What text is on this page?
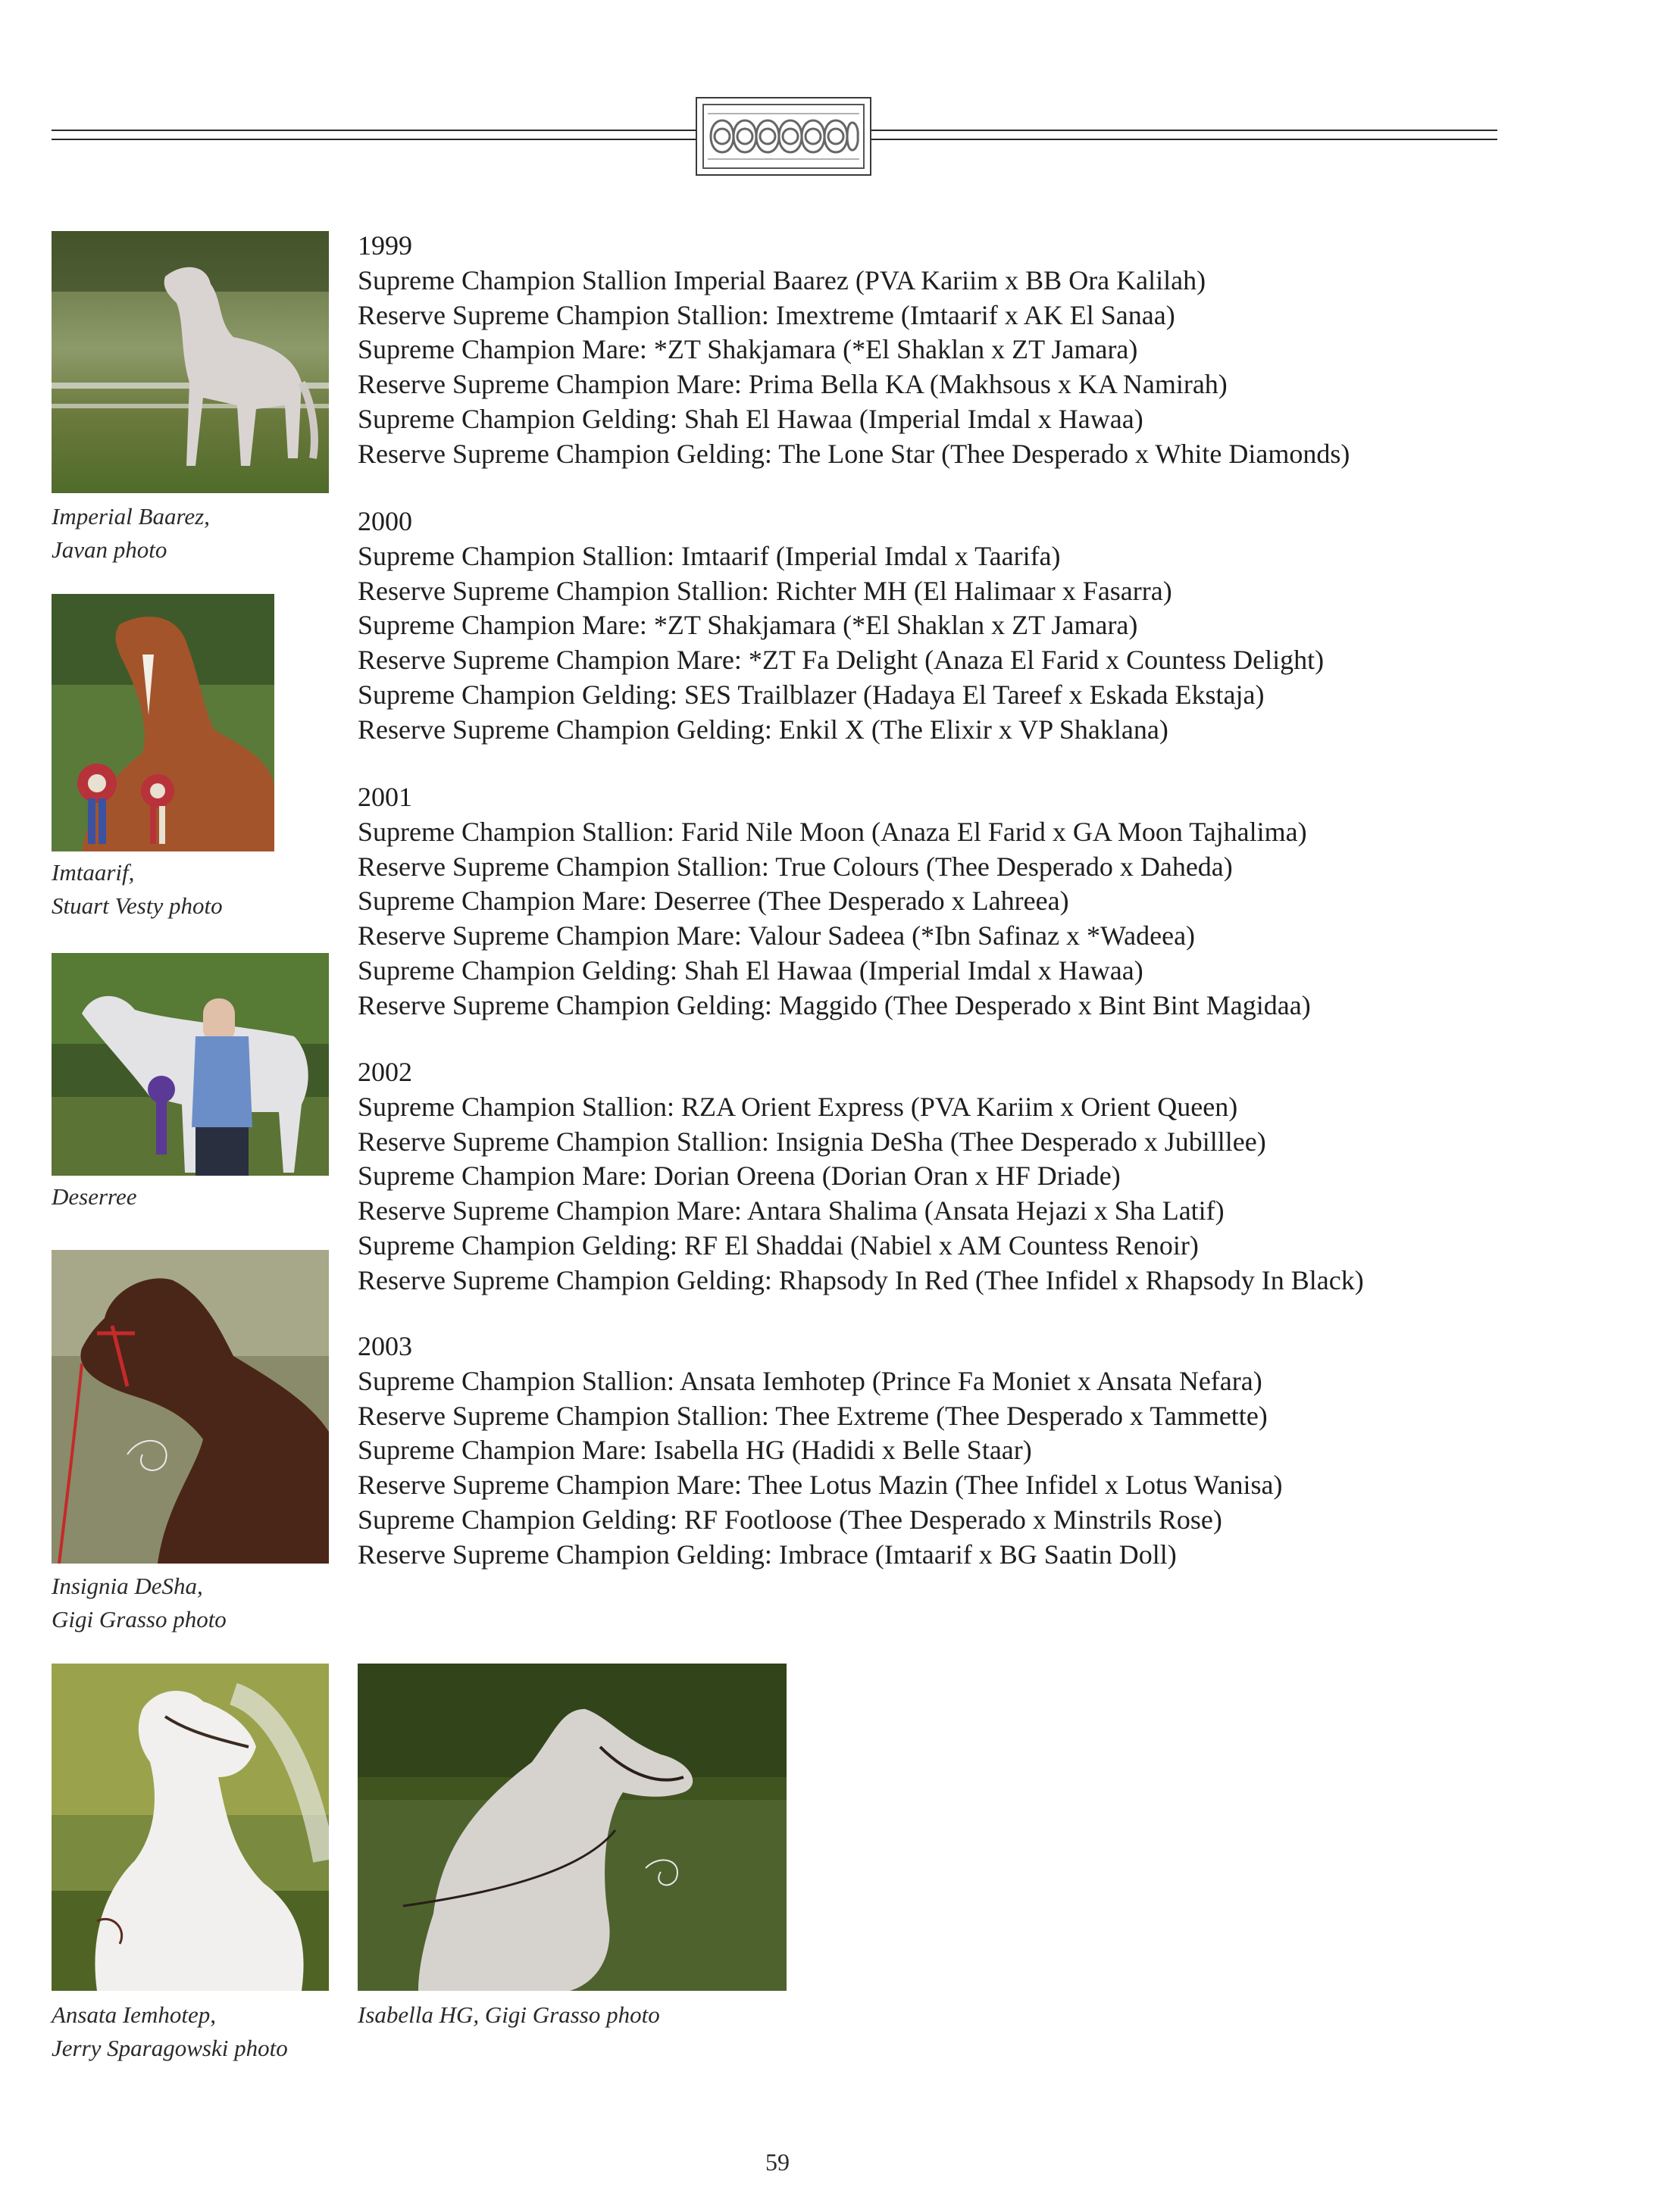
Imperial Baarez,
Javan photo
Imtaarif,
Stuart Vesty photo
Deserree
Insignia DeSha,
Gigi Grasso photo
Ansata Iemhotep,
Jerry Sparagowski photo
Isabella HG, Gigi Grasso photo
1999
Supreme Champion Stallion Imperial Baarez (PVA Kariim x BB Ora Kalilah)
Reserve Supreme Champion Stallion: Imextreme (Imtaarif x AK El Sanaa)
Supreme Champion Mare: *ZT Shakjamara (*El Shaklan x ZT Jamara)
Reserve Supreme Champion Mare: Prima Bella KA (Makhsous x KA Namirah)
Supreme Champion Gelding: Shah El Hawaa (Imperial Imdal x Hawaa)
Reserve Supreme Champion Gelding: The Lone Star (Thee Desperado x White Diamonds)
2000
Supreme Champion Stallion: Imtaarif (Imperial Imdal x Taarifa)
Reserve Supreme Champion Stallion: Richter MH (El Halimaar x Fasarra)
Supreme Champion Mare: *ZT Shakjamara (*El Shaklan x ZT Jamara)
Reserve Supreme Champion Mare: *ZT Fa Delight (Anaza El Farid x Countess Delight)
Supreme Champion Gelding: SES Trailblazer (Hadaya El Tareef x Eskada Ekstaja)
Reserve Supreme Champion Gelding: Enkil X (The Elixir x VP Shaklana)
2001
Supreme Champion Stallion: Farid Nile Moon (Anaza El Farid x GA Moon Tajhalima)
Reserve Supreme Champion Stallion: True Colours (Thee Desperado x Daheda)
Supreme Champion Mare: Deserree (Thee Desperado x Lahreea)
Reserve Supreme Champion Mare: Valour Sadeea (*Ibn Safinaz x *Wadeea)
Supreme Champion Gelding: Shah El Hawaa (Imperial Imdal x Hawaa)
Reserve Supreme Champion Gelding: Maggido (Thee Desperado x Bint Bint Magidaa)
2002
Supreme Champion Stallion: RZA Orient Express (PVA Kariim x Orient Queen)
Reserve Supreme Champion Stallion: Insignia DeSha (Thee Desperado x Jubilllee)
Supreme Champion Mare: Dorian Oreena (Dorian Oran x HF Driade)
Reserve Supreme Champion Mare: Antara Shalima (Ansata Hejazi x Sha Latif)
Supreme Champion Gelding: RF El Shaddai (Nabiel x AM Countess Renoir)
Reserve Supreme Champion Gelding: Rhapsody In Red (Thee Infidel x Rhapsody In Black)
2003
Supreme Champion Stallion: Ansata Iemhotep (Prince Fa Moniet x Ansata Nefara)
Reserve Supreme Champion Stallion: Thee Extreme (Thee Desperado x Tammette)
Supreme Champion Mare: Isabella HG (Hadidi x Belle Staar)
Reserve Supreme Champion Mare: Thee Lotus Mazin (Thee Infidel x Lotus Wanisa)
Supreme Champion Gelding: RF Footloose (Thee Desperado x Minstrils Rose)
Reserve Supreme Champion Gelding: Imbrace (Imtaarif x BG Saatin Doll)
59
